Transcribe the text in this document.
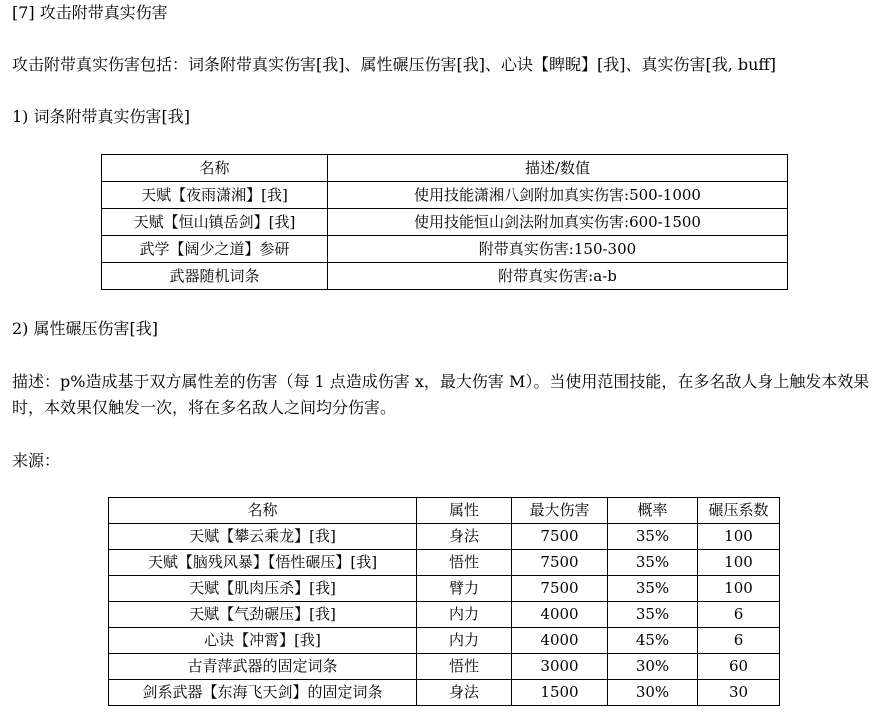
[7] 攻击附带真实伤害
攻击附带真实伤害包括：词条附带真实伤害[我]、属性碾压伤害[我]、心诀【睥睨】[我]、真实伤害[我, buff]
1) 词条附带真实伤害[我]
名称	描述/数值
天赋【夜雨潇湘】[我]	使用技能潇湘八剑附加真实伤害:500-1000
天赋【恒山镇岳剑】[我]	使用技能恒山剑法附加真实伤害:600-1500
武学【阔少之道】参研	附带真实伤害:150-300
武器随机词条	附带真实伤害:a-b
2) 属性碾压伤害[我]
描述：p%造成基于双方属性差的伤害（每 1 点造成伤害 x，最大伤害 M）。当使用范围技能，在多名敌人身上触发本效果时，本效果仅触发一次，将在多名敌人之间均分伤害。
来源：
名称	属性	最大伤害	概率	碾压系数
天赋【攀云乘龙】[我]	身法	7500	35%	100
天赋【脑残风暴】【悟性碾压】[我]	悟性	7500	35%	100
天赋【肌肉压杀】[我]	臂力	7500	35%	100
天赋【气劲碾压】[我]	内力	4000	35%	6
心诀【冲霄】[我]	内力	4000	45%	6
古青萍武器的固定词条	悟性	3000	30%	60
剑系武器【东海飞天剑】的固定词条	身法	1500	30%	30
